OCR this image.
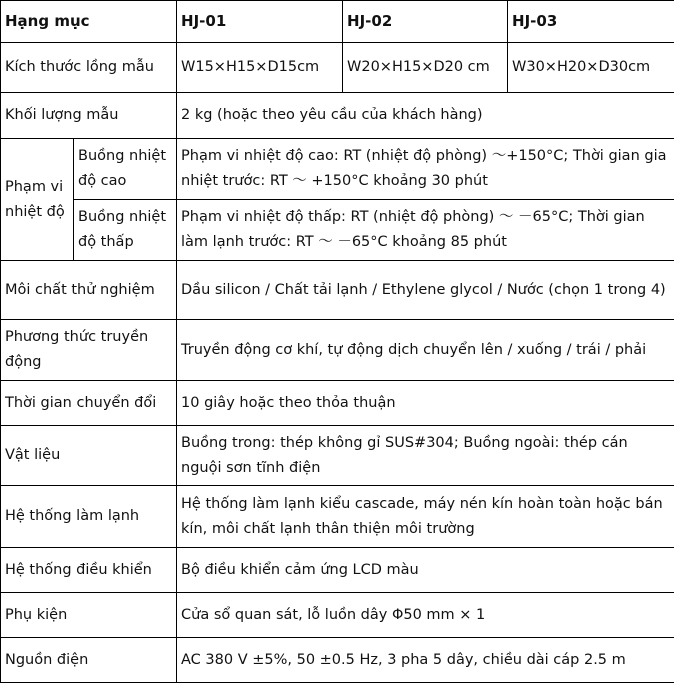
Hạng mục		HJ-01	HJ-02	HJ-03
Kích thước lồng mẫu		W15×H15×D15cm	W20×H15×D20 cm	W30×H20×D30cm
Khối lượng mẫu		2 kg (hoặc theo yêu cầu của khách hàng)		
Phạm vi nhiệt độ	Buồng nhiệt độ cao	Phạm vi nhiệt độ cao: RT (nhiệt độ phòng) ～+150°C; Thời gian gia nhiệt trước: RT ～ +150°C khoảng 30 phút		
	Buồng nhiệt độ thấp	Phạm vi nhiệt độ thấp: RT (nhiệt độ phòng) ～ －65°C; Thời gian làm lạnh trước: RT ～ －65°C khoảng 85 phút		
Môi chất thử nghiệm		Dầu silicon / Chất tải lạnh / Ethylene glycol / Nước (chọn 1 trong 4)		
Phương thức truyền động		Truyền động cơ khí, tự động dịch chuyển lên / xuống / trái / phải		
Thời gian chuyển đổi		10 giây hoặc theo thỏa thuận		
Vật liệu		Buồng trong: thép không gỉ SUS#304; Buồng ngoài: thép cán nguội sơn tĩnh điện		
Hệ thống làm lạnh		Hệ thống làm lạnh kiểu cascade, máy nén kín hoàn toàn hoặc bán kín, môi chất lạnh thân thiện môi trường		
Hệ thống điều khiển		Bộ điều khiển cảm ứng LCD màu		
Phụ kiện		Cửa sổ quan sát, lỗ luồn dây Φ50 mm × 1		
Nguồn điện		AC 380 V ±5%, 50 ±0.5 Hz, 3 pha 5 dây, chiều dài cáp 2.5 m		
